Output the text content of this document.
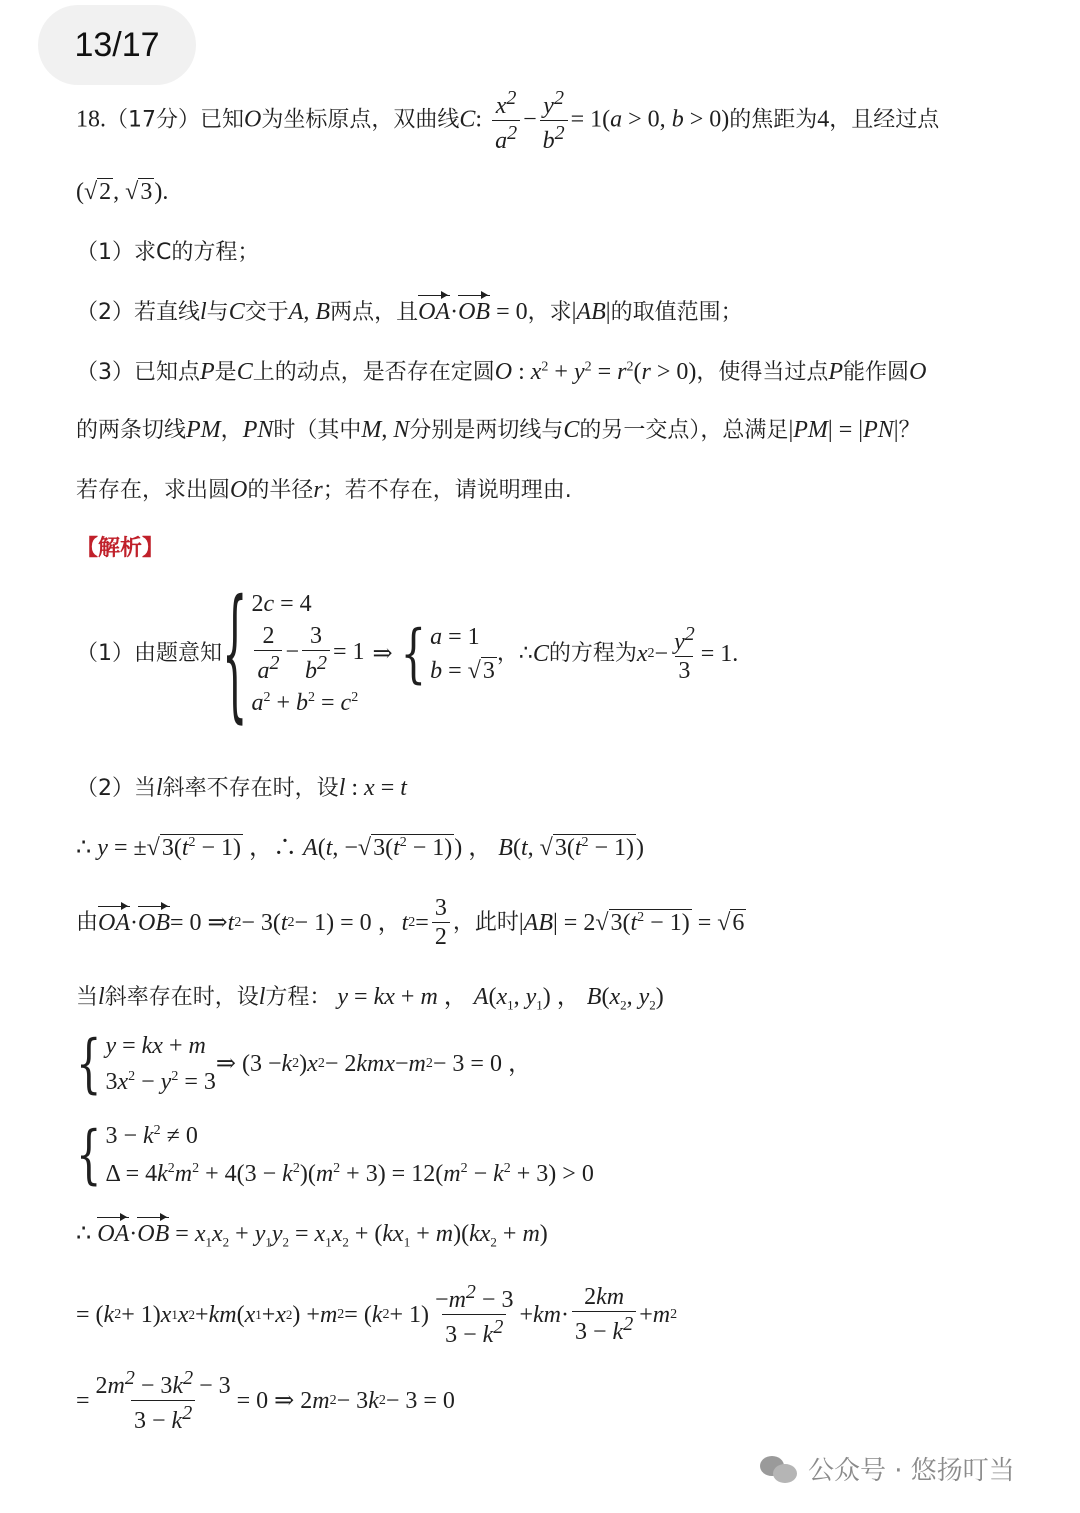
13/17
18.（17分）已知O为坐标原点，双曲线C: $\frac{x^2}{a^2} - \frac{y^2}{b^2} = 1(a > 0$, b > 0)的焦距为4，且经过点
(√2, √3).
（1）求C的方程；
（2）若直线l与C交于A, B两点，且OA·OB = 0，求|AB|的取值范围；
（3）已知点P是C上的动点，是否存在定圆O : $x^2 + y^2 = r^2(r > 0)$，使得当过点P能作圆O
的两条切线PM，PN时（其中M, N分别是两切线与C的另一交点），总满足|PM| = |PN|？
若存在，求出圆O的半径r；若不存在，请说明理由.
【解析】
（1）由题意知 { 2c = 4
$\frac{2}{a^2} - \frac{3}{b^2} = 1$
$a^2 + b^2 = c^2$
⇒ { a = 1
b = √3
，∴ C 的方程为 x $2 - \frac{y^2}{3} = 1$.
（2）当l斜率不存在时，设l : x = t
∴ $y = \pm√3(t^2 - 1)$ ，∴ A(t, $-√3(t^2 - 1)$) ， B(t, $√3(t^2 - 1)$)
由 OA · OB = 0 ⇒ t 2 − 3( t 2 − 1) = 0 ， t $2 = \frac{3}{2}$ ，此时 | AB | = $2√3(t^2 - 1) = √6$
当l斜率存在时，设l方程： y = kx + m ， $A(x_1$, $y_1$) ， $B(x_2$, $y_2$)
{ y = kx + m
$3x^2 - y^2 = 3$
⇒ (3 − k 2 ) x 2 − 2 kmx − m 2 − 3 = 0 ，
{ $3 - k^2 \ne 0$
$\Delta = 4k^2m^2 + 4(3 - k^2)(m^2 + 3) = 12(m^2 - k^2 + 3) > 0$
∴ $OA\cdot OB = x_1x_2 + y_1y_2 = x_1x_2 + (kx_1 + m)(kx_2 + m)$
= ( k 2 + 1) x 1 x 2 + km ( x 1 + x 2 ) + m 2 = ( k $2 + 1) \frac{-m^2 - 3}{3 - k^2}$ + km · $\frac{2km}{3 - k^2} + m$ 2
= $\frac{2m^2 - 3k^2 - 3}{3 - k^2} = 0$ ⇒ 2 m 2 − 3 k 2 − 3 = 0
公众号 · 悠扬叮当
